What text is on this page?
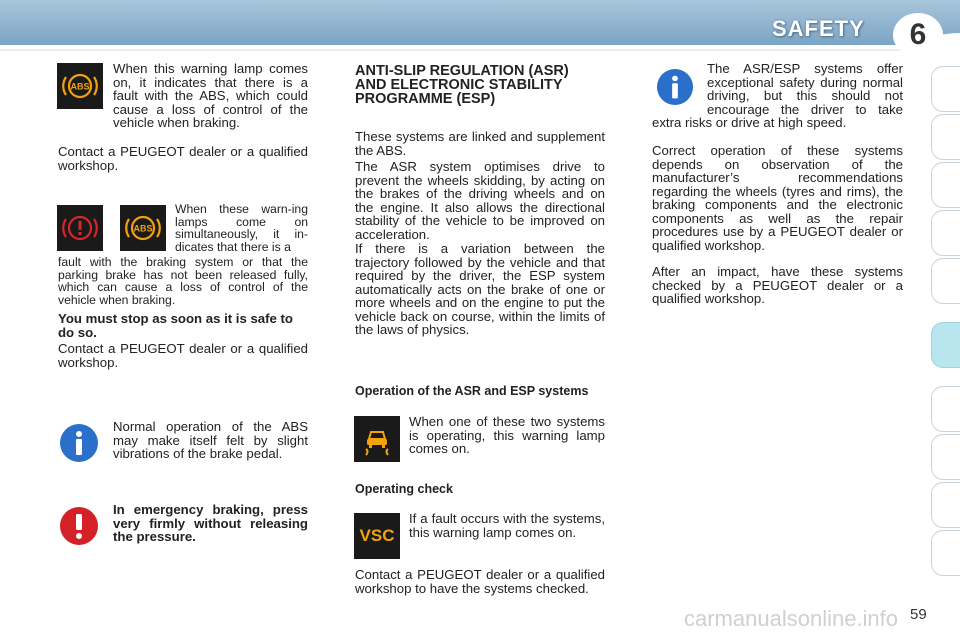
SAFETY	6
ABS

When this warning lamp comes on, it indicates that there is a fault with the ABS, which could cause a loss of control of the vehicle when braking.

Contact a PEUGEOT dealer or a qualified workshop.

ABS

When these warn-ing lamps come on simultaneously, it in-dicates that there is a

fault with the braking system or that the parking brake has not been released fully, which can cause a loss of control of the vehicle when braking.

You must stop as soon as it is safe to do so.

Contact a PEUGEOT dealer or a qualified workshop.

Normal operation of the ABS may make itself felt by slight vibrations of the brake pedal.

In emergency braking, press very firmly without releasing the pressure.

ANTI-SLIP REGULATION (ASR) AND ELECTRONIC STABILITY PROGRAMME (ESP)

These systems are linked and supplement the ABS.

The ASR system optimises drive to prevent the wheels skidding, by acting on the brakes of the driving wheels and on the engine. It also allows the directional stability of the vehicle to be improved on acceleration.

If there is a variation between the trajectory followed by the vehicle and that required by the driver, the ESP system automatically acts on the brake of one or more wheels and on the engine to put the vehicle back on course, within the limits of the laws of physics.

Operation of the ASR and ESP systems

When one of these two systems is operating, this warning lamp comes on.

Operating check

VSC

If a fault occurs with the systems, this warning lamp comes on.

Contact a PEUGEOT dealer or a qualified workshop to have the systems checked.

The ASR/ESP systems offer exceptional safety during normal driving, but this should not encourage the driver to take extra risks or drive at high speed.

Correct operation of these systems depends on observation of the manufacturer’s recommendations regarding the wheels (tyres and rims), the braking components and the electronic components as well as the repair procedures use by a PEUGEOT dealer or qualified workshop.

After an impact, have these systems checked by a PEUGEOT dealer or a qualified workshop.

carmanualsonline.info 59
